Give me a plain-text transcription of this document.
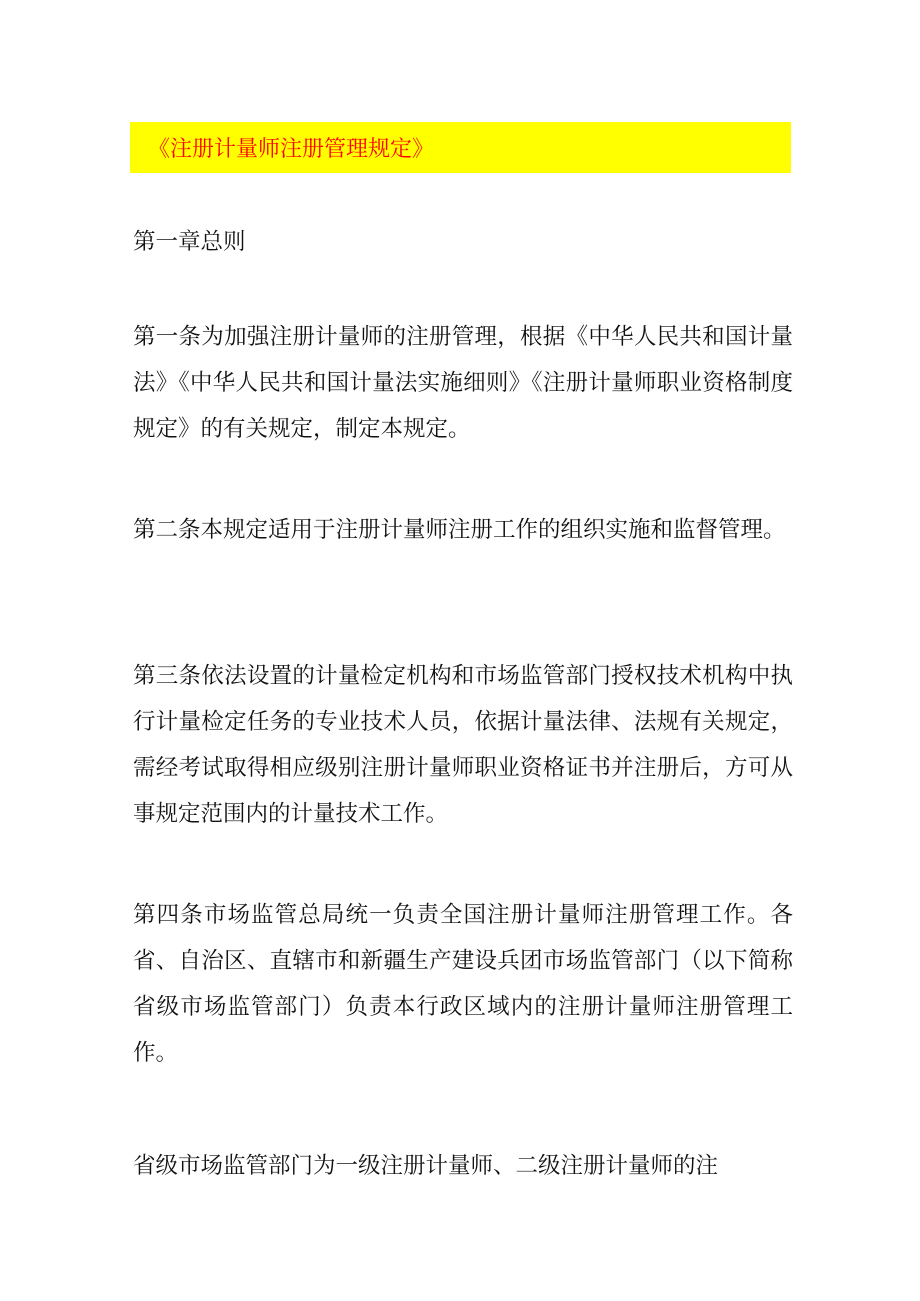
《注册计量师注册管理规定》

第一章总则

第一条为加强注册计量师的注册管理，根据《中华人民共和国计量法》《中华人民共和国计量法实施细则》《注册计量师职业资格制度规定》的有关规定，制定本规定。

第二条本规定适用于注册计量师注册工作的组织实施和监督管理。

第三条依法设置的计量检定机构和市场监管部门授权技术机构中执行计量检定任务的专业技术人员，依据计量法律、法规有关规定，需经考试取得相应级别注册计量师职业资格证书并注册后，方可从事规定范围内的计量技术工作。

第四条市场监管总局统一负责全国注册计量师注册管理工作。各省、自治区、直辖市和新疆生产建设兵团市场监管部门（以下简称省级市场监管部门）负责本行政区域内的注册计量师注册管理工作。

省级市场监管部门为一级注册计量师、二级注册计量师的注
